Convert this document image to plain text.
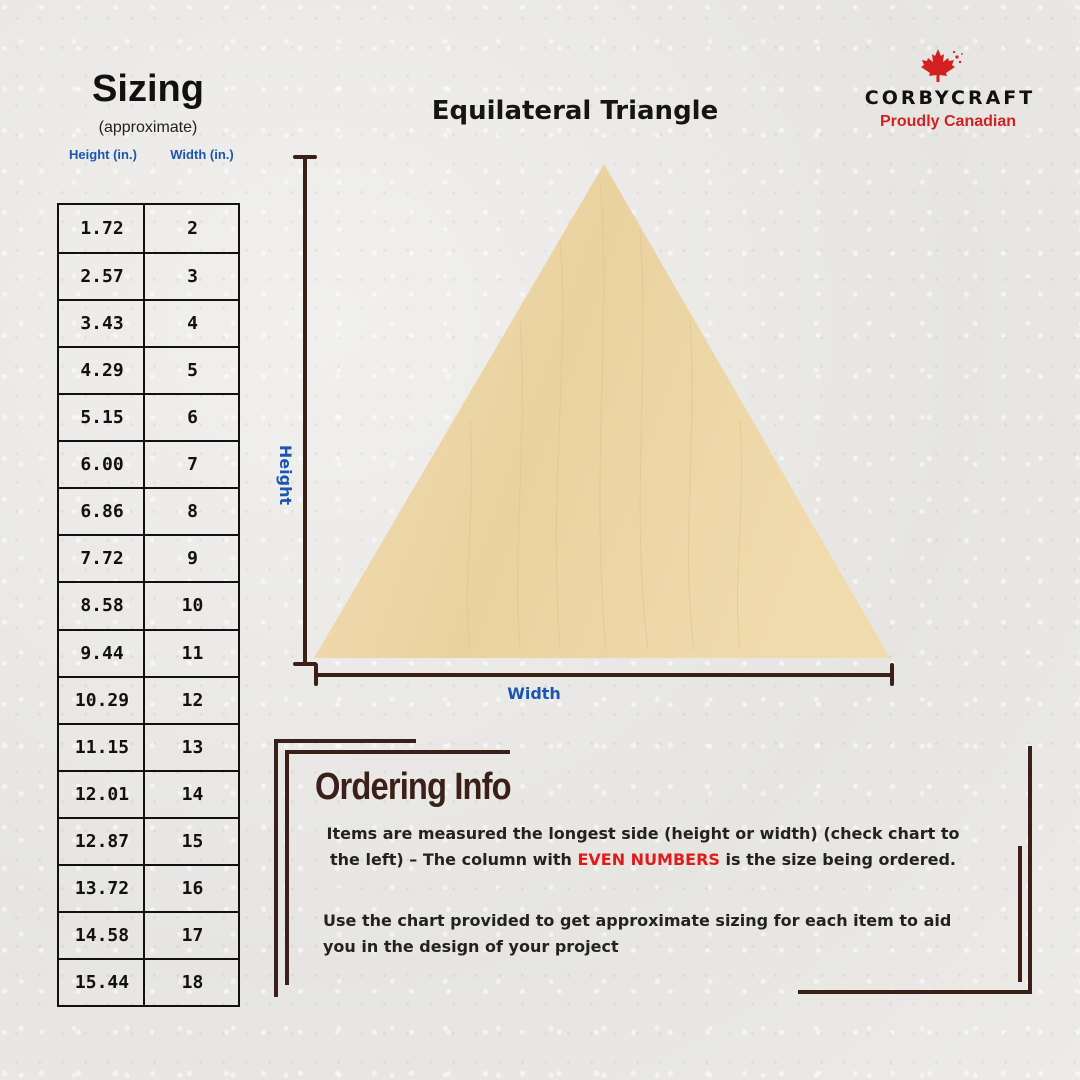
Sizing
(approximate)
Height (in.)	Width (in.)
1.72	2
2.57	3
3.43	4
4.29	5
5.15	6
6.00	7
6.86	8
7.72	9
8.58	10
9.44	11
10.29	12
11.15	13
12.01	14
12.87	15
13.72	16
14.58	17
15.44	18
Equilateral Triangle	CORBYCRAFT
Proudly Canadian
Height
Width
Ordering Info
Items are measured the longest side (height or width) (check chart to the left) – The column with EVEN NUMBERS is the size being ordered.
Use the chart provided to get approximate sizing for each item to aid you in the design of your project
